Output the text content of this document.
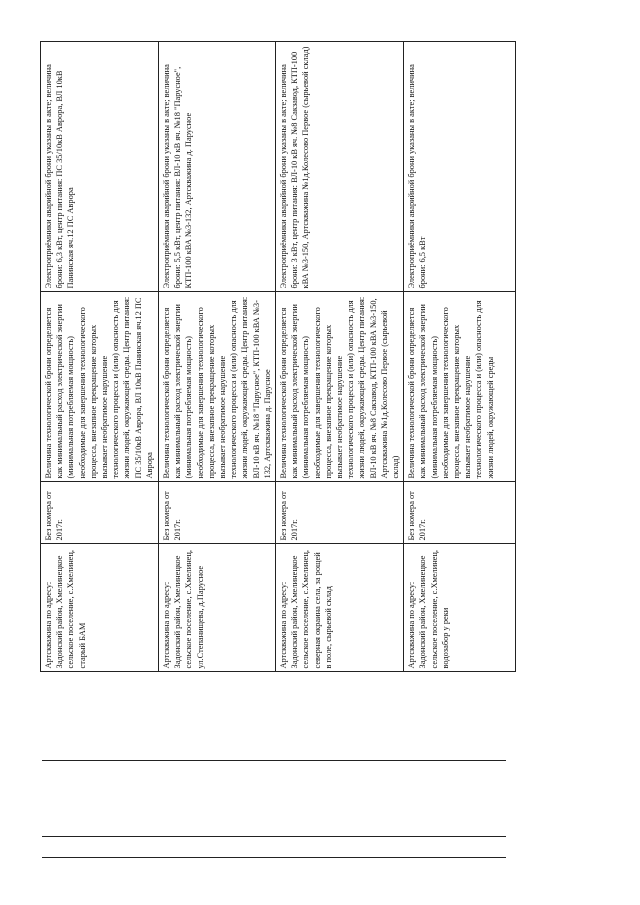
	Артскважина по адресу: Задонский район, Хмелинецкое сельское поселение, с.Хмелинец, старый БАМ	Без номера от 2017г.	Величина технологической брони определяется как минимальный расход электрической энергии (минимальная потребляемая мощность) необходимые для завершения технологического процесса, внезапное прекращение которых вызывает необратимое нарушение технологического процесса и (или) опасность для жизни людей, окружающей среды. Центр питания: ПС 35/10кВ Аврора, ВЛ 10кВ Панинская яч.12 ПС Аврора	Электроприёмники аварийной брони указаны в акте; величина брони: 6,3 кВт, центр питания: ПС 35/10кВ Аврора, ВЛ 10кВ Панинская яч.12 ПС Аврора
	Артскважина по адресу: Задонский район, Хмелинецкое сельское поселение, с.Хмелинец, ул.Степанищева, д.Парусное	Без номера от 2017г.	Величина технологической брони определяется как минимальный расход электрической энергии (минимальная потребляемая мощность) необходимые для завершения технологического процесса, внезапное прекращение которых вызывает необратимое нарушение технологического процесса и (или) опасность для жизни людей, окружающей среды. Центр питания: ВЛ-10 кВ яч. №18 "Парусное", КТП-100 кВА №3-132, Артскважина д. Парусное	Электроприёмники аварийной брони указаны в акте; величина брони: 5,5 кВт, центр питания: ВЛ-10 кВ яч. №18 "Парусное", КТП-100 кВА №3-132, Артскважина д. Парусное
	Артскважина по адресу: Задонский район, Хмелинецкое сельское поселение, с.Хмелинец, северная окраина села, за рощей в поле, сырьевой склад	Без номера от 2017г.	Величина технологической брони определяется как минимальный расход электрической энергии (минимальная потребляемая мощность) необходимые для завершения технологического процесса, внезапное прекращение которых вызывает необратимое нарушение технологического процесса и (или) опасность для жизни людей, окружающей среды. Центр питания: ВЛ-10 кВ яч. №8 Сакзавод, КТП-100 кВА №3-150, Артскважина №1д.Колесово Первое (сырьевой склад)	Электроприёмники аварийной брони указаны в акте; величина брони: 3 кВт, центр питания: ВЛ-10 кВ яч. №8 Сакзавод, КТП-100 кВА №3-150, Артскважина №1д.Колесово Первое (сырьевой склад)
	Артскважина по адресу: Задонский район, Хмелинецкое сельское поселение, с.Хмелинец, водозабор у реки	Без номера от 2017г.	Величина технологической брони определяется как минимальный расход электрической энергии (минимальная потребляемая мощность) необходимые для завершения технологического процесса, внезапное прекращение которых вызывает необратимое нарушение технологического процесса и (или) опасность для жизни людей, окружающей среды	Электроприёмники аварийной брони указаны в акте; величина брони: 6,5 кВт
